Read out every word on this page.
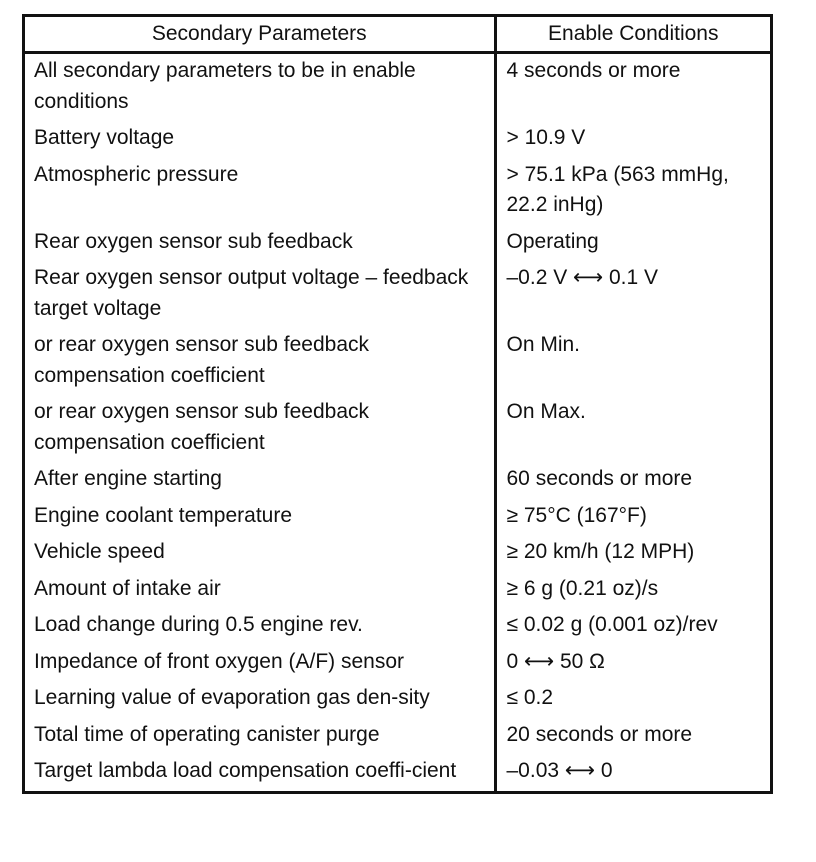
Secondary Parameters	Enable Conditions
All secondary parameters to be in enable conditions	4 seconds or more
Battery voltage	> 10.9 V
Atmospheric pressure	> 75.1 kPa (563 mmHg, 22.2 inHg)
Rear oxygen sensor sub feedback	Operating
Rear oxygen sensor output voltage – feedback target voltage	–0.2 V ⟷ 0.1 V
or rear oxygen sensor sub feedback compensation coefficient	On Min.
or rear oxygen sensor sub feedback compensation coefficient	On Max.
After engine starting	60 seconds or more
Engine coolant temperature	≥ 75°C (167°F)
Vehicle speed	≥ 20 km/h (12 MPH)
Amount of intake air	≥ 6 g (0.21 oz)/s
Load change during 0.5 engine rev.	≤ 0.02 g (0.001 oz)/rev
Impedance of front oxygen (A/F) sensor	0 ⟷ 50 Ω
Learning value of evaporation gas den-sity	≤ 0.2
Total time of operating canister purge	20 seconds or more
Target lambda load compensation coeffi-cient	–0.03 ⟷ 0
